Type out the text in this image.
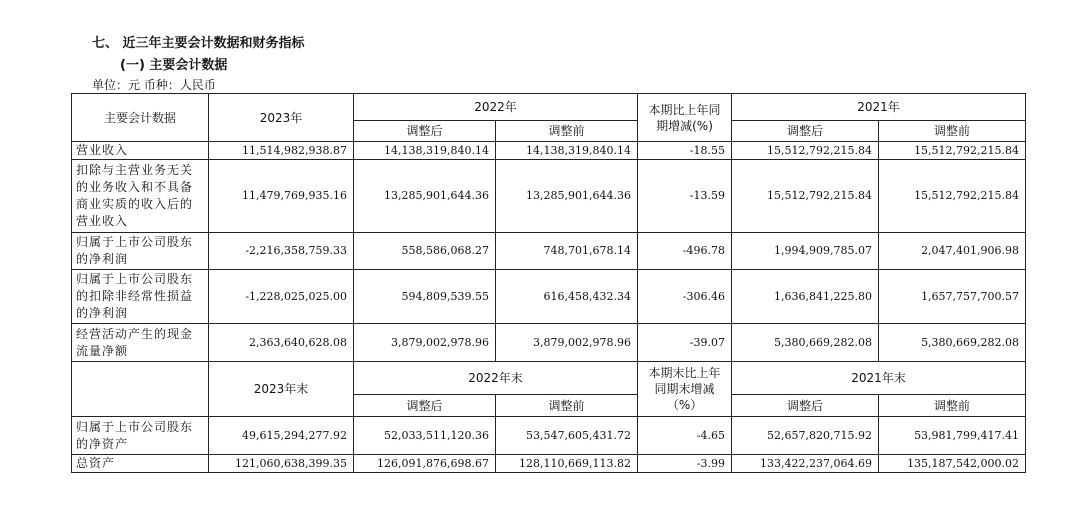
七、 近三年主要会计数据和财务指标
(一) 主要会计数据
单位：元 币种：人民币
主要会计数据	2023年	2022年		本期比上年同期增减(%)	2021年	
		调整后	调整前		调整后	调整前
营业收入	11,514,982,938.87	14,138,319,840.14	14,138,319,840.14	-18.55	15,512,792,215.84	15,512,792,215.84
扣除与主营业务无关的业务收入和不具备商业实质的收入后的营业收入	11,479,769,935.16	13,285,901,644.36	13,285,901,644.36	-13.59	15,512,792,215.84	15,512,792,215.84
归属于上市公司股东的净利润	-2,216,358,759.33	558,586,068.27	748,701,678.14	-496.78	1,994,909,785.07	2,047,401,906.98
归属于上市公司股东的扣除非经常性损益的净利润	-1,228,025,025.00	594,809,539.55	616,458,432.34	-306.46	1,636,841,225.80	1,657,757,700.57
经营活动产生的现金流量净额	2,363,640,628.08	3,879,002,978.96	3,879,002,978.96	-39.07	5,380,669,282.08	5,380,669,282.08
	2023年末	2022年末		本期末比上年同期末增减（%）	2021年末	
		调整后	调整前		调整后	调整前
归属于上市公司股东的净资产	49,615,294,277.92	52,033,511,120.36	53,547,605,431.72	-4.65	52,657,820,715.92	53,981,799,417.41
总资产	121,060,638,399.35	126,091,876,698.67	128,110,669,113.82	-3.99	133,422,237,064.69	135,187,542,000.02
